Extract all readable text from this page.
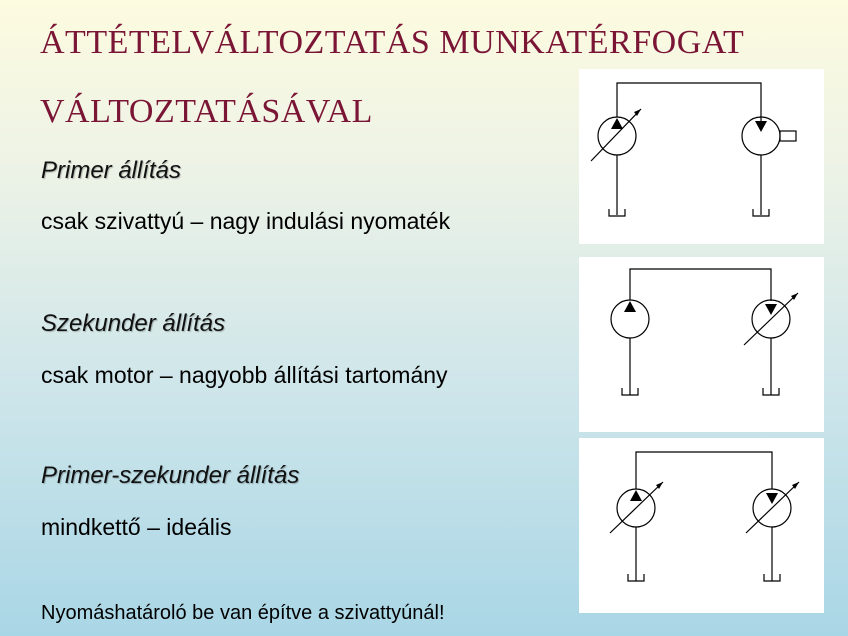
ÁTTÉTELVÁLTOZTATÁS MUNKATÉRFOGAT
VÁLTOZTATÁSÁVAL
Primer állítás
csak szivattyú – nagy indulási nyomaték
Szekunder állítás
csak motor – nagyobb állítási tartomány
Primer-szekunder állítás
mindkettő – ideális
Nyomáshatároló be van építve a szivattyúnál!
